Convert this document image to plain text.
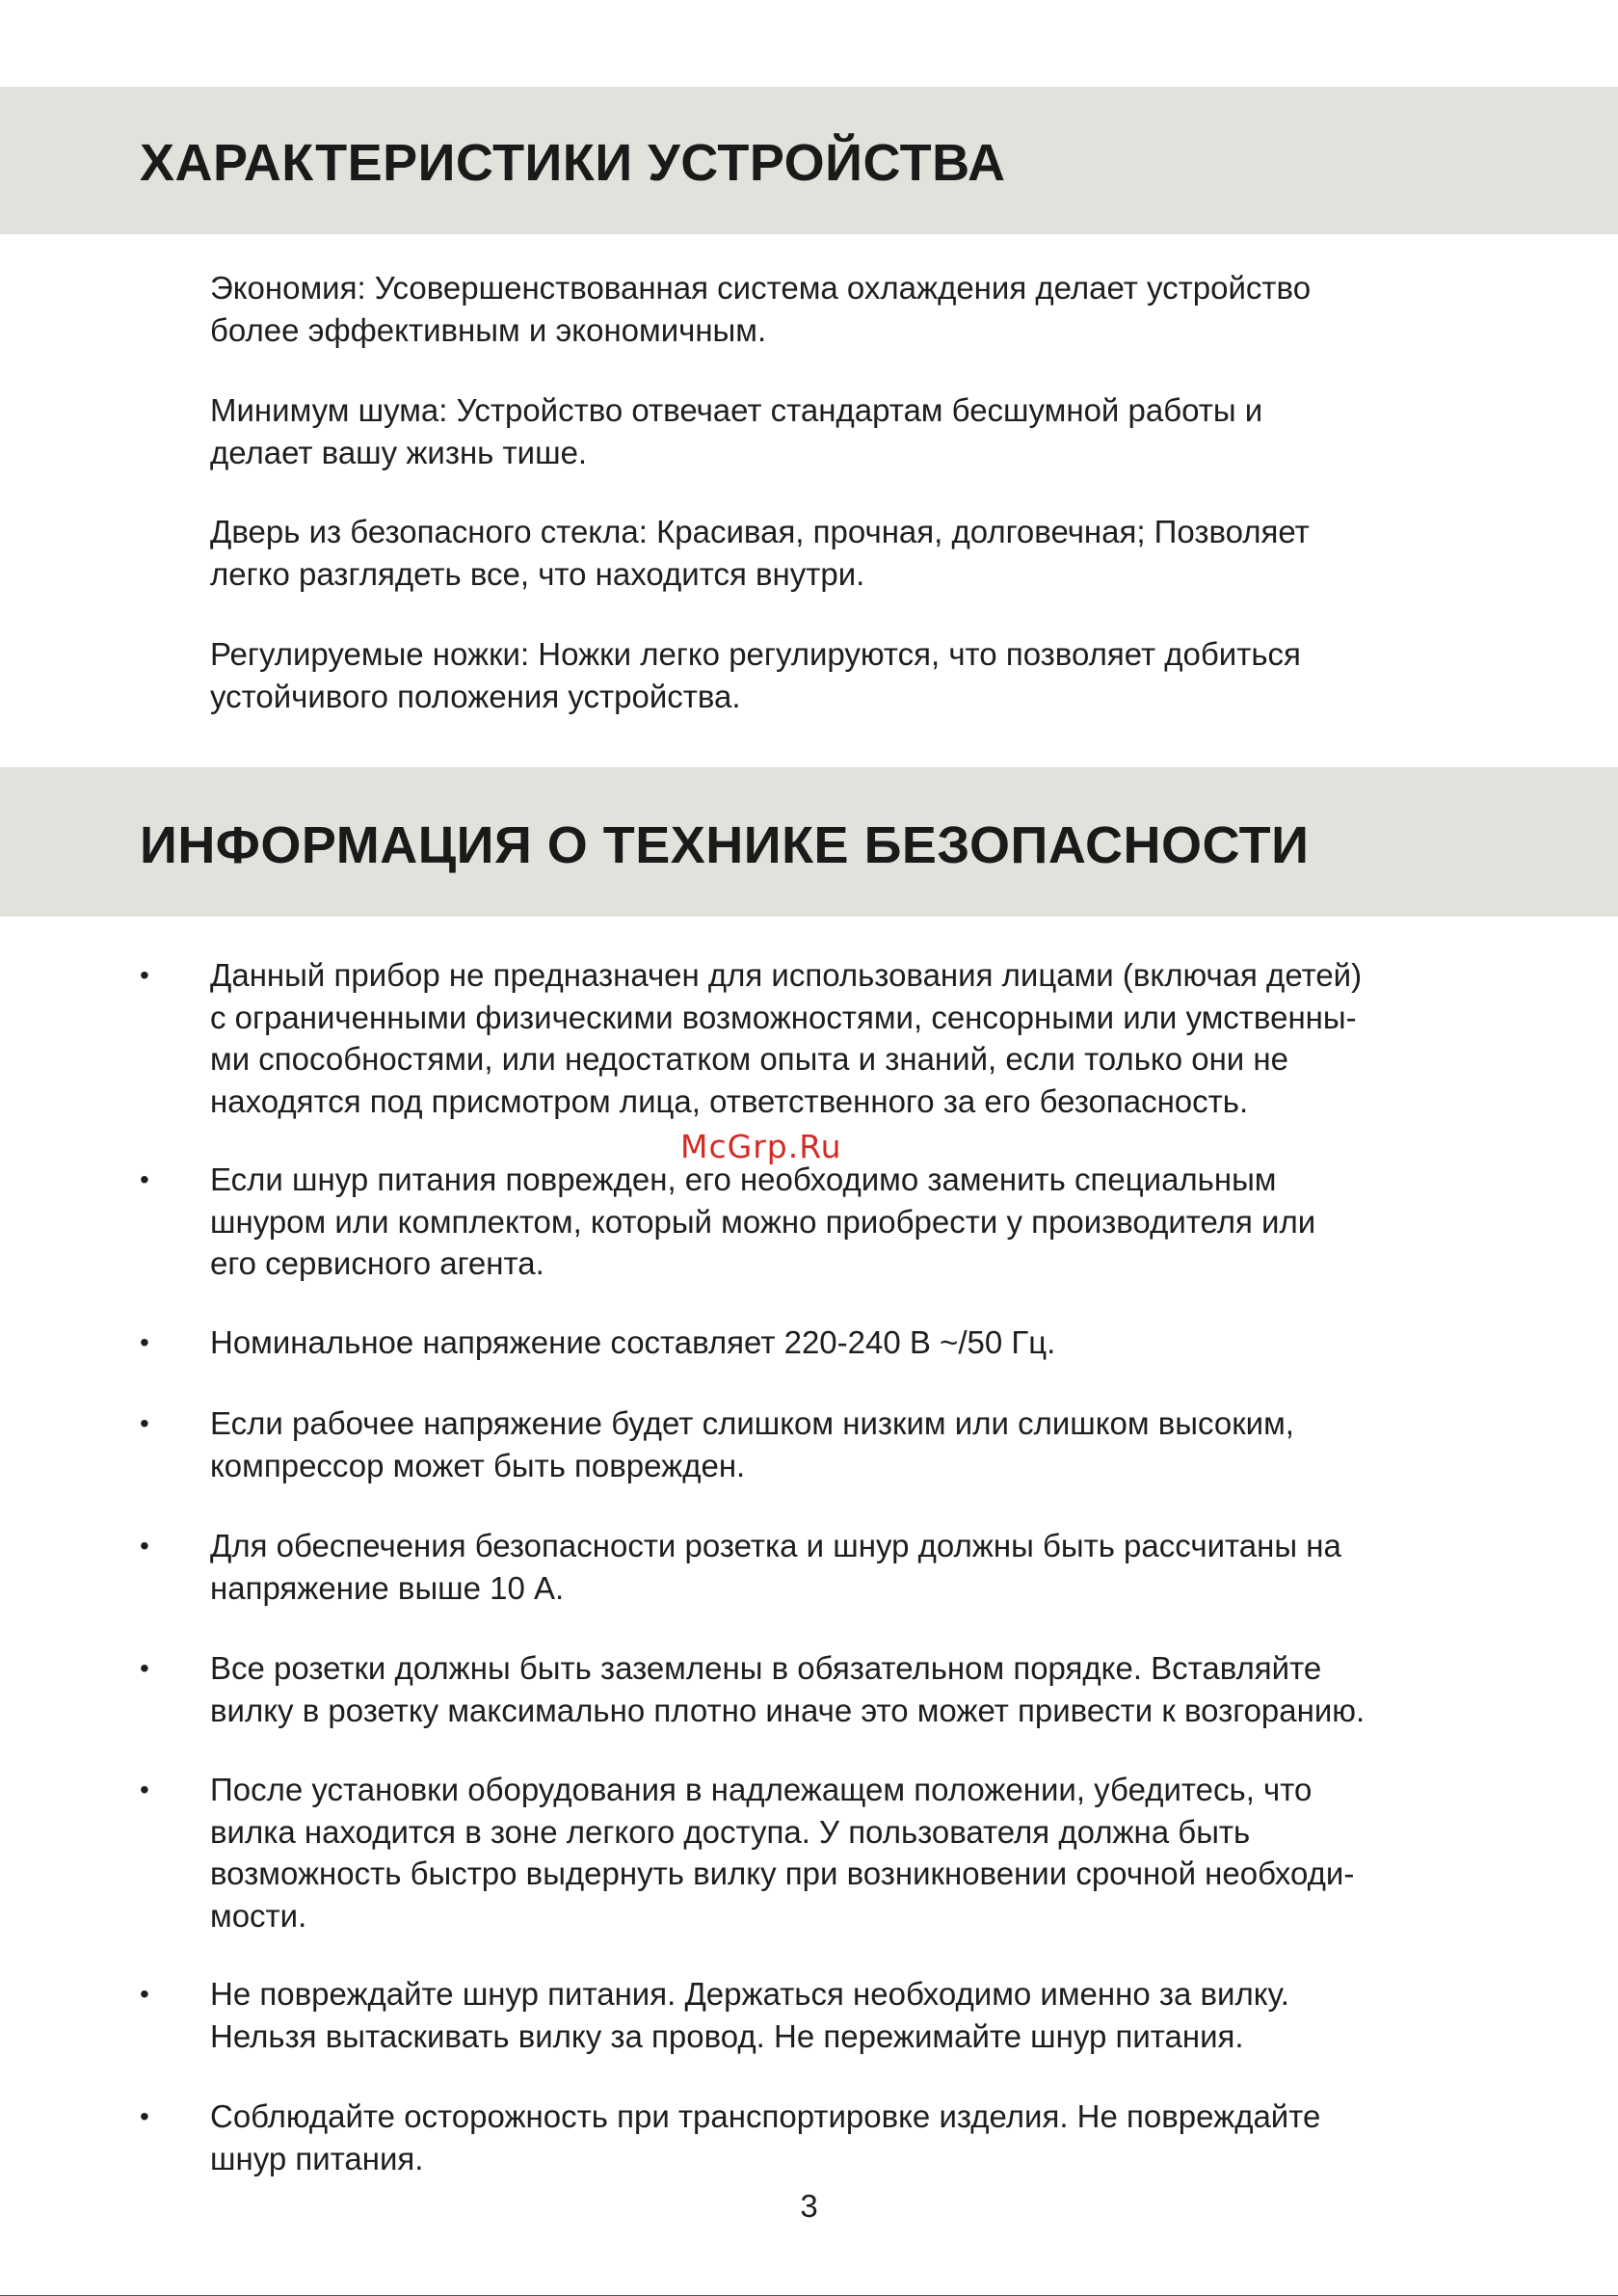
ХАРАКТЕРИСТИКИ УСТРОЙСТВА

Экономия: Усовершенствованная система охлаждения делает устройство
более эффективным и экономичным.

Минимум шума: Устройство отвечает стандартам бесшумной работы и
делает вашу жизнь тише.

Дверь из безопасного стекла: Красивая, прочная, долговечная; Позволяет
легко разглядеть все, что находится внутри.

Регулируемые ножки: Ножки легко регулируются, что позволяет добиться
устойчивого положения устройства.

ИНФОРМАЦИЯ О ТЕХНИКЕ БЕЗОПАСНОСТИ
• Данный прибор не предназначен для использования лицами (включая детей)
с ограниченными физическими возможностями, сенсорными или умственны-
ми способностями, или недостатком опыта и знаний, если только они не
находятся под присмотром лица, ответственного за его безопасность.

• Если шнур питания поврежден, его необходимо заменить специальным
шнуром или комплектом, который можно приобрести у производителя или
его сервисного агента.

• Номинальное напряжение составляет 220-240 В ~/50 Гц.

• Если рабочее напряжение будет слишком низким или слишком высоким,
компрессор может быть поврежден.

• Для обеспечения безопасности розетка и шнур должны быть рассчитаны на
напряжение выше 10 А.

• Все розетки должны быть заземлены в обязательном порядке. Вставляйте
вилку в розетку максимально плотно иначе это может привести к возгоранию.

• После установки оборудования в надлежащем положении, убедитесь, что
вилка находится в зоне легкого доступа. У пользователя должна быть
возможность быстро выдернуть вилку при возникновении срочной необходи-
мости.

• Не повреждайте шнур питания. Держаться необходимо именно за вилку.
Нельзя вытаскивать вилку за провод. Не пережимайте шнур питания.

• Соблюдайте осторожность при транспортировке изделия. Не повреждайте
шнур питания.

McGrp.Ru
3
